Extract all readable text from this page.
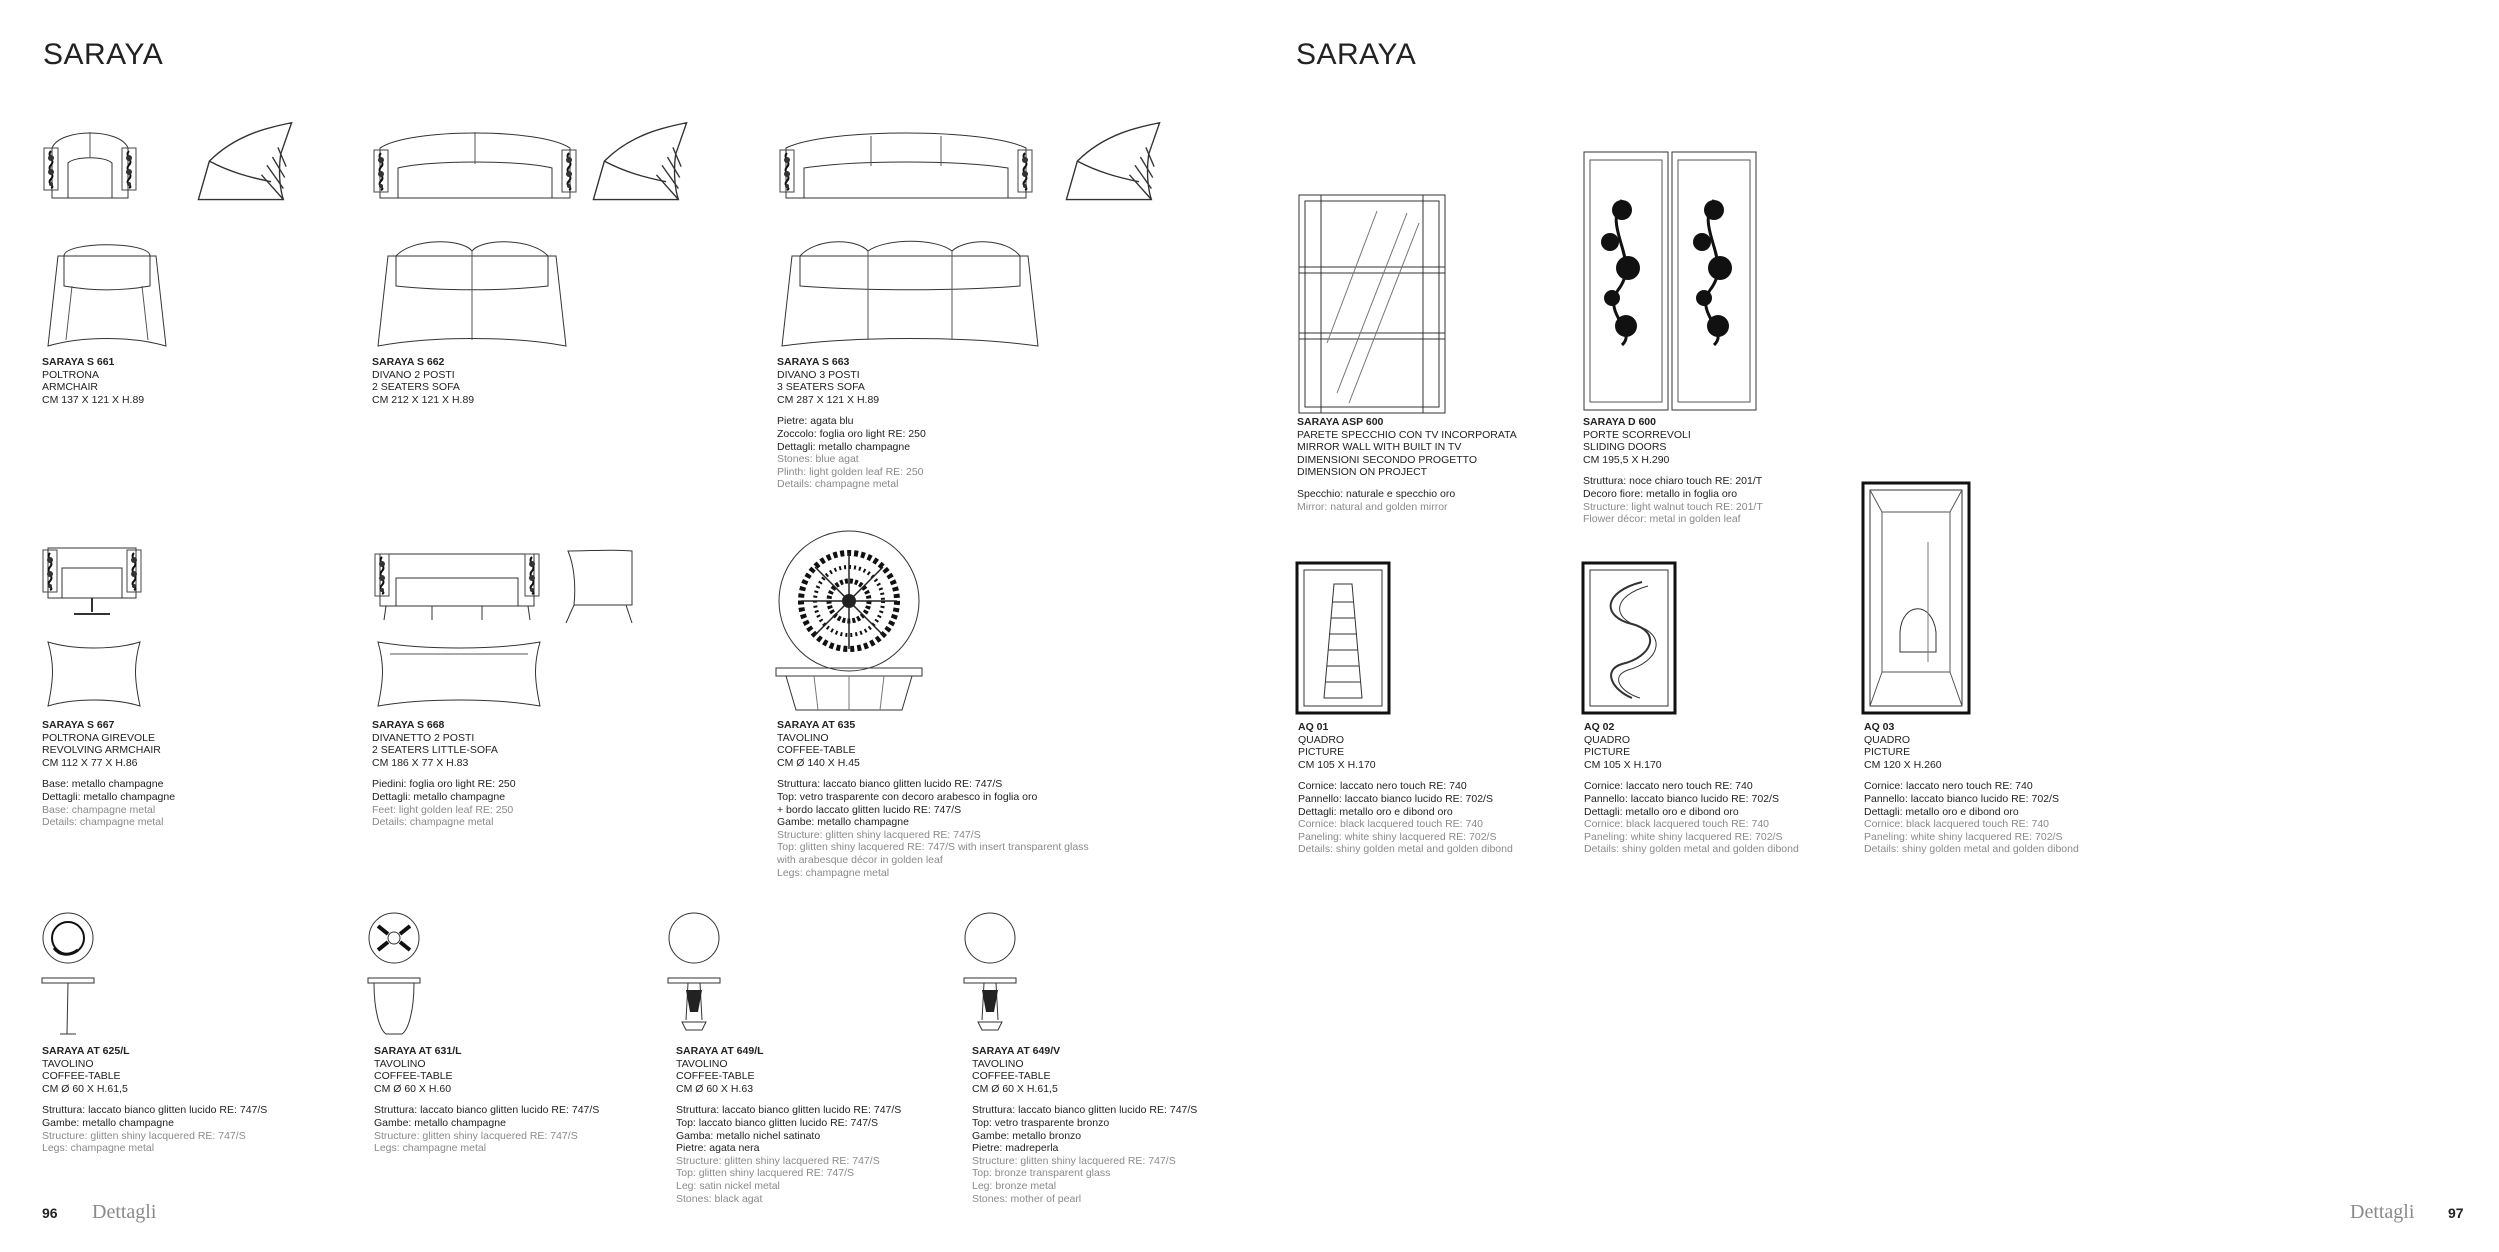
SARAYA
SARAYA S 661
POLTRONA
ARMCHAIR
CM 137 X 121 X H.89
SARAYA S 662
DIVANO 2 POSTI
2 SEATERS SOFA
CM 212 X 121 X H.89
SARAYA S 663
DIVANO 3 POSTI
3 SEATERS SOFA
CM 287 X 121 X H.89
Pietre: agata blu
Zoccolo: foglia oro light RE: 250
Dettagli: metallo champagne
Stones: blue agat
Plinth: light golden leaf RE: 250
Details: champagne metal
SARAYA S 667
POLTRONA GIREVOLE
REVOLVING ARMCHAIR
CM 112 X 77 X H.86
Base: metallo champagne
Dettagli: metallo champagne
Base: champagne metal
Details: champagne metal
SARAYA S 668
DIVANETTO 2 POSTI
2 SEATERS LITTLE-SOFA
CM 186 X 77 X H.83
Piedini: foglia oro light RE: 250
Dettagli: metallo champagne
Feet: light golden leaf RE: 250
Details: champagne metal
SARAYA AT 635
TAVOLINO
COFFEE-TABLE
CM Ø 140 X H.45
Struttura: laccato bianco glitten lucido RE: 747/S
Top: vetro trasparente con decoro arabesco in foglia oro
+ bordo laccato glitten lucido RE: 747/S
Gambe: metallo champagne
Structure: glitten shiny lacquered RE: 747/S
Top: glitten shiny lacquered RE: 747/S with insert transparent glass
with arabesque décor in golden leaf
Legs: champagne metal
SARAYA AT 625/L
TAVOLINO
COFFEE-TABLE
CM Ø 60 X H.61,5
Struttura: laccato bianco glitten lucido RE: 747/S
Gambe: metallo champagne
Structure: glitten shiny lacquered RE: 747/S
Legs: champagne metal
SARAYA AT 631/L
TAVOLINO
COFFEE-TABLE
CM Ø 60 X H.60
Struttura: laccato bianco glitten lucido RE: 747/S
Gambe: metallo champagne
Structure: glitten shiny lacquered RE: 747/S
Legs: champagne metal
SARAYA AT 649/L
TAVOLINO
COFFEE-TABLE
CM Ø 60 X H.63
Struttura: laccato bianco glitten lucido RE: 747/S
Top: laccato bianco glitten lucido RE: 747/S
Gamba: metallo nichel satinato
Pietre: agata nera
Structure: glitten shiny lacquered RE: 747/S
Top: glitten shiny lacquered RE: 747/S
Leg: satin nickel metal
Stones: black agat
SARAYA AT 649/V
TAVOLINO
COFFEE-TABLE
CM Ø 60 X H.61,5
Struttura: laccato bianco glitten lucido RE: 747/S
Top: vetro trasparente bronzo
Gambe: metallo bronzo
Pietre: madreperla
Structure: glitten shiny lacquered RE: 747/S
Top: bronze transparent glass
Leg: bronze metal
Stones: mother of pearl
96 Dettagli
SARAYA
SARAYA ASP 600
PARETE SPECCHIO CON TV INCORPORATA
MIRROR WALL WITH BUILT IN TV
DIMENSIONI SECONDO PROGETTO
DIMENSION ON PROJECT
Specchio: naturale e specchio oro
Mirror: natural and golden mirror
SARAYA D 600
PORTE SCORREVOLI
SLIDING DOORS
CM 195,5 X H.290
Struttura: noce chiaro touch RE: 201/T
Decoro fiore: metallo in foglia oro
Structure: light walnut touch RE: 201/T
Flower décor: metal in golden leaf
AQ 01
QUADRO
PICTURE
CM 105 X H.170
Cornice: laccato nero touch RE: 740
Pannello: laccato bianco lucido RE: 702/S
Dettagli: metallo oro e dibond oro
Cornice: black lacquered touch RE: 740
Paneling: white shiny lacquered RE: 702/S
Details: shiny golden metal and golden dibond
AQ 02
QUADRO
PICTURE
CM 105 X H.170
Cornice: laccato nero touch RE: 740
Pannello: laccato bianco lucido RE: 702/S
Dettagli: metallo oro e dibond oro
Cornice: black lacquered touch RE: 740
Paneling: white shiny lacquered RE: 702/S
Details: shiny golden metal and golden dibond
AQ 03
QUADRO
PICTURE
CM 120 X H.260
Cornice: laccato nero touch RE: 740
Pannello: laccato bianco lucido RE: 702/S
Dettagli: metallo oro e dibond oro
Cornice: black lacquered touch RE: 740
Paneling: white shiny lacquered RE: 702/S
Details: shiny golden metal and golden dibond
Dettagli 97
